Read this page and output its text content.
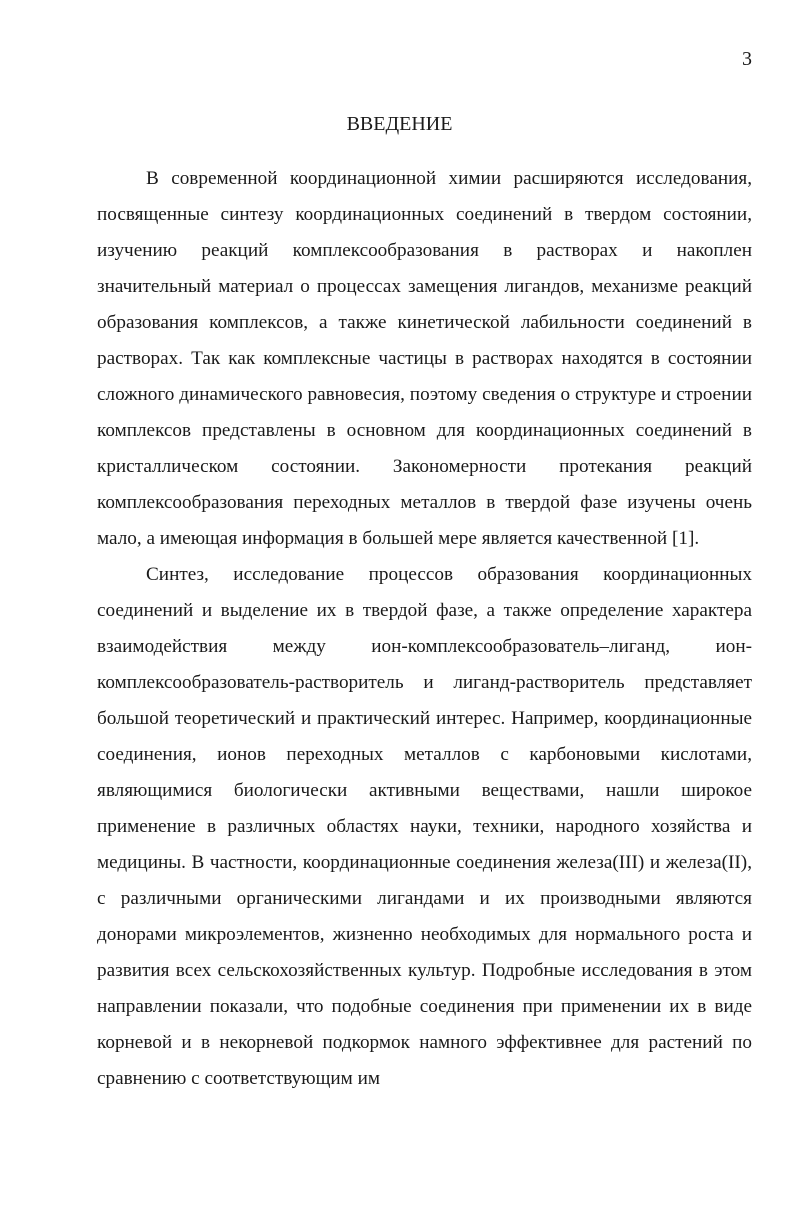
3
ВВЕДЕНИЕ

В современной координационной химии расширяются исследования, посвященные синтезу координационных соединений в твердом состоянии, изучению реакций комплексообразования в растворах и накоплен значительный материал о процессах замещения лигандов, механизме реакций образования комплексов, а также кинетической лабильности соединений в растворах. Так как комплексные частицы в растворах находятся в состоянии сложного динамического равновесия, поэтому сведения о структуре и строении комплексов представлены в основном для координационных соединений в кристаллическом состоянии. Закономерности протекания реакций комплексообразования переходных металлов в твердой фазе изучены очень мало, а имеющая информация в большей мере является качественной [1].

Синтез, исследование процессов образования координационных соединений и выделение их в твердой фазе, а также определение характера взаимодействия между ион-комплексообразователь–лиганд, ион-комплексообразователь-растворитель и лиганд-растворитель представляет большой теоретический и практический интерес. Например, координационные соединения, ионов переходных металлов с карбоновыми кислотами, являющимися биологически активными веществами, нашли широкое применение в различных областях науки, техники, народного хозяйства и медицины. В частности, координационные соединения железа(III) и железа(II), с различными органическими лигандами и их производными являются донорами микроэлементов, жизненно необходимых для нормального роста и развития всех сельскохозяйственных культур. Подробные исследования в этом направлении показали, что подобные соединения при применении их в виде корневой и в некорневой подкормок намного эффективнее для растений по сравнению с соответствующим им
